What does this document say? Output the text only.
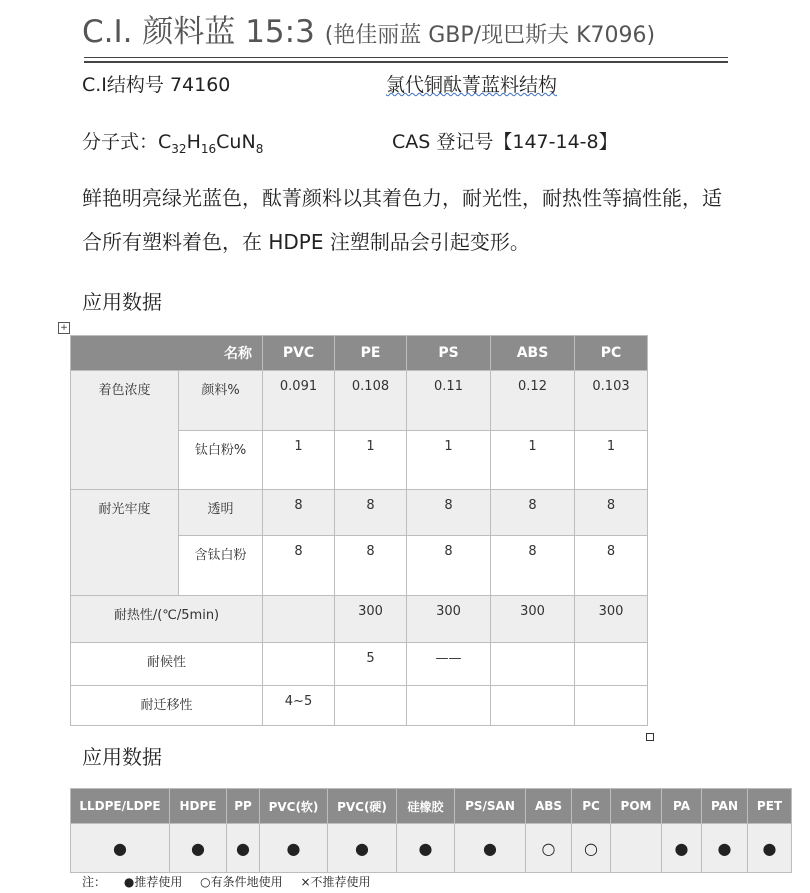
C.I. 颜料蓝 15:3 (艳佳丽蓝 GBP/现巴斯夫 K7096)
C.I结构号 74160	氯代铜酞菁蓝料结构
分子式：$C_{32}H_{16}CuN_8$	CAS 登记号【147-14-8】
鲜艳明亮绿光蓝色，酞菁颜料以其着色力，耐光性，耐热性等搞性能，适合所有塑料着色，在 HDPE 注塑制品会引起变形。
应用数据
+
名称		PVC	PE	PS	ABS	PC
着色浓度	颜料%	0.091	0.108	0.11	0.12	0.103
	钛白粉%	1	1	1	1	1
耐光牢度	透明	8	8	8	8	8
	含钛白粉	8	8	8	8	8
耐热性/(℃/5min)			300	300	300	300
耐候性			5	——		
耐迁移性		4~5				
应用数据
LLDPE/LDPE	HDPE	PP	PVC(软)	PVC(硬)	硅橡胶	PS/SAN	ABS	PC	POM	PA	PAN	PET
●	●	●	●	●	●	●	○	○		●	●	●
注： ●推荐使用 ○有条件地使用 ×不推荐使用
